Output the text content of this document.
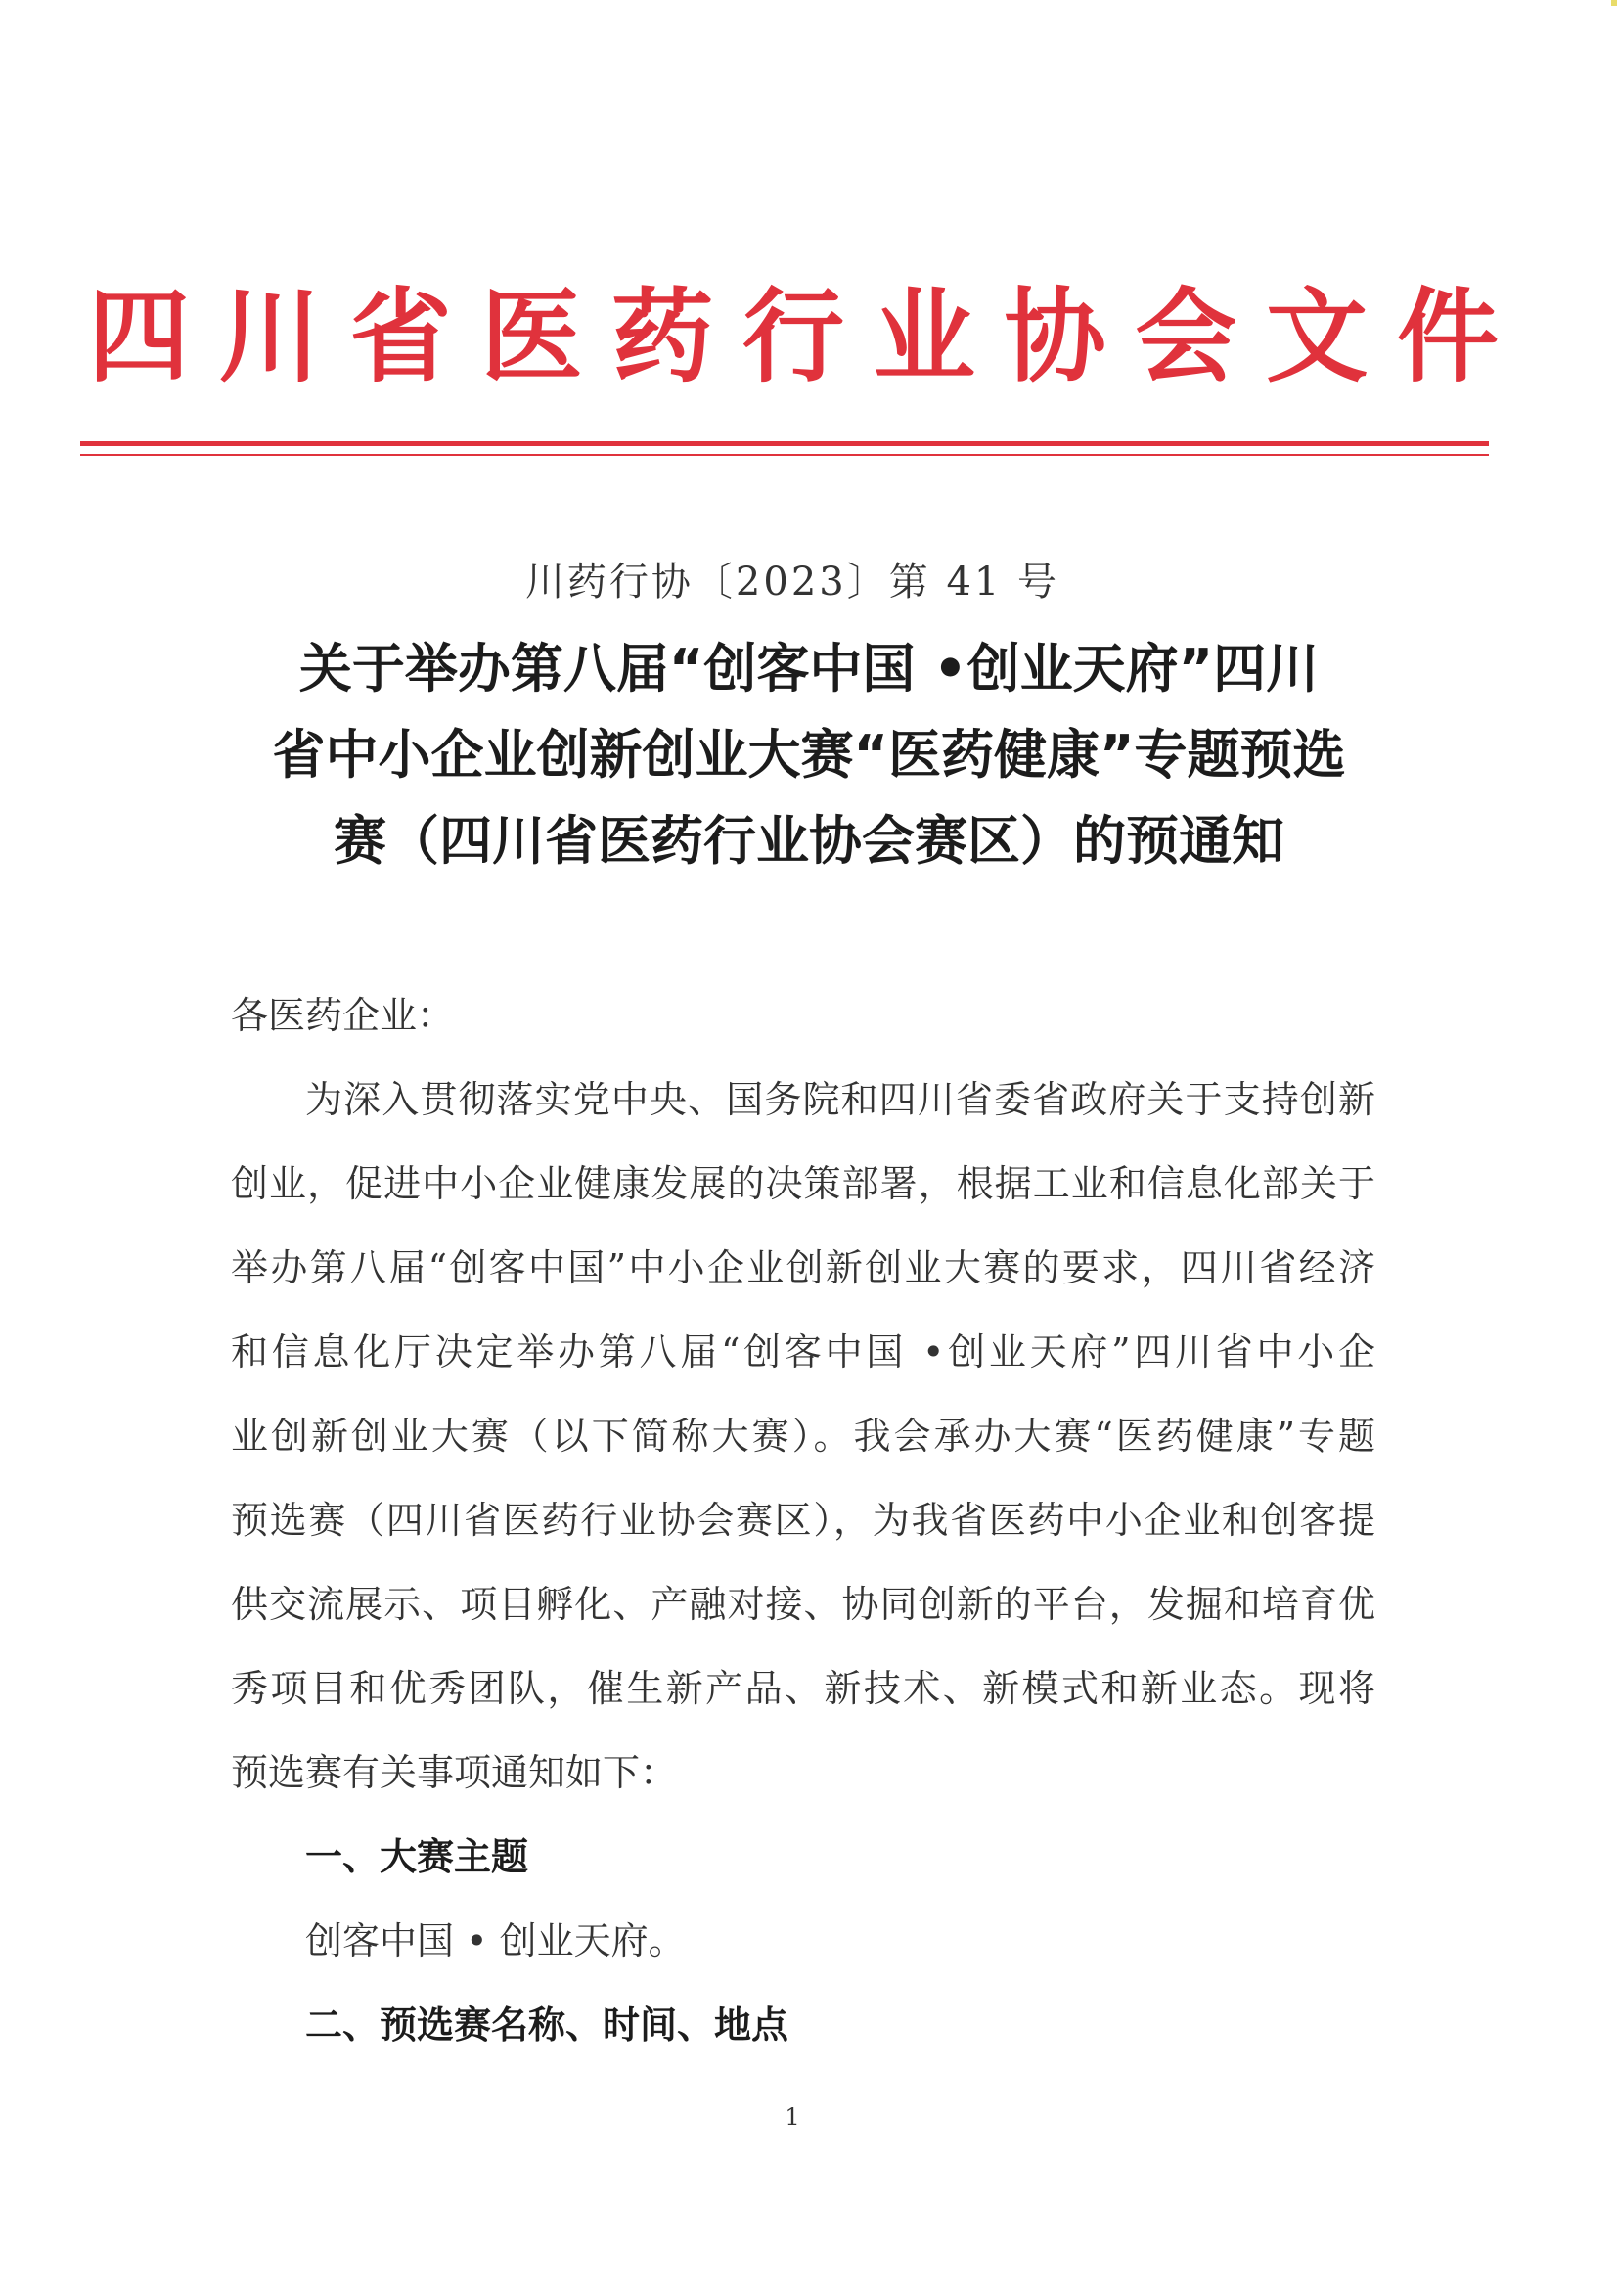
四 川 省 医 药 行 业 协 会 文 件
川药行协〔2023〕第 41 号
关于举办第八届“创客中国 •创业天府”四川
省中小企业创新创业大赛“医药健康”专题预选
赛（四川省医药行业协会赛区）的预通知
各医药企业：
为深入贯彻落实党中央、国务院和四川省委省政府关于支持创新
创业，促进中小企业健康发展的决策部署，根据工业和信息化部关于
举办第八届“创客中国”中小企业创新创业大赛的要求，四川省经济
和信息化厅决定举办第八届“创客中国 •创业天府”四川省中小企
业创新创业大赛（以下简称大赛）。我会承办大赛“医药健康”专题
预选赛（四川省医药行业协会赛区），为我省医药中小企业和创客提
供交流展示、项目孵化、产融对接、协同创新的平台，发掘和培育优
秀项目和优秀团队，催生新产品、新技术、新模式和新业态。现将
预选赛有关事项通知如下：
一、大赛主题
创客中国 • 创业天府。
二、预选赛名称、时间、地点
1
